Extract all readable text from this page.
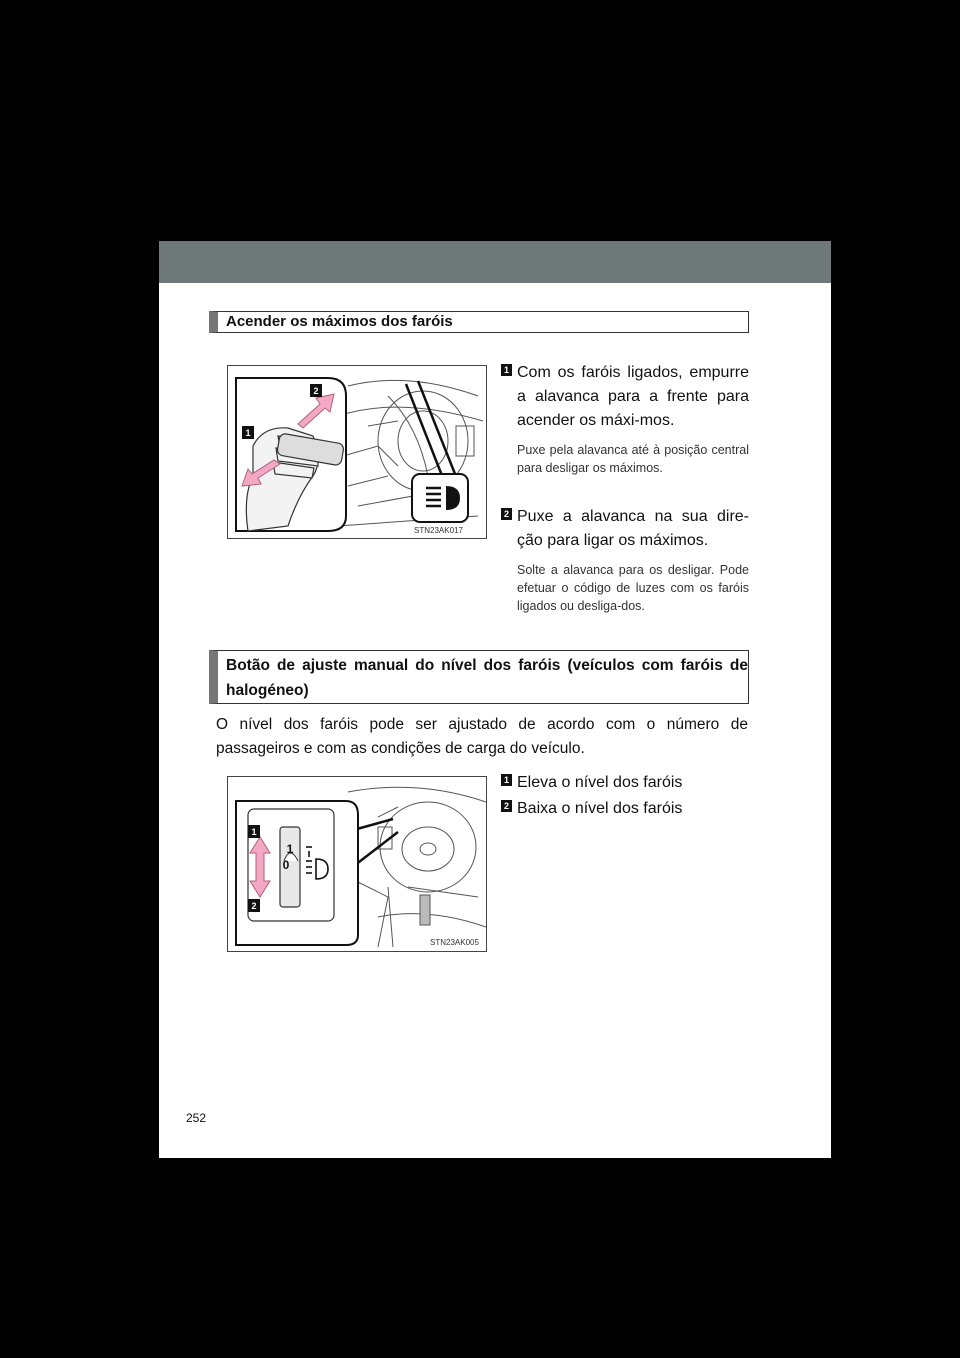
Acender os máximos dos faróis
2
1
STN23AK017
1 Com os faróis ligados, empurre a alavanca para a frente para acender os máxi-mos.
Puxe pela alavanca até à posição central para desligar os máximos.
2 Puxe a alavanca na sua dire-ção para ligar os máximos.
Solte a alavanca para os desligar. Pode efetuar o código de luzes com os faróis ligados ou desliga-dos.
Botão de ajuste manual do nível dos faróis (veículos com faróis de halogéneo)
O nível dos faróis pode ser ajustado de acordo com o número de passageiros e com as condições de carga do veículo.
1
0
1
2
STN23AK005
1 Eleva o nível dos faróis
2 Baixa o nível dos faróis
252
